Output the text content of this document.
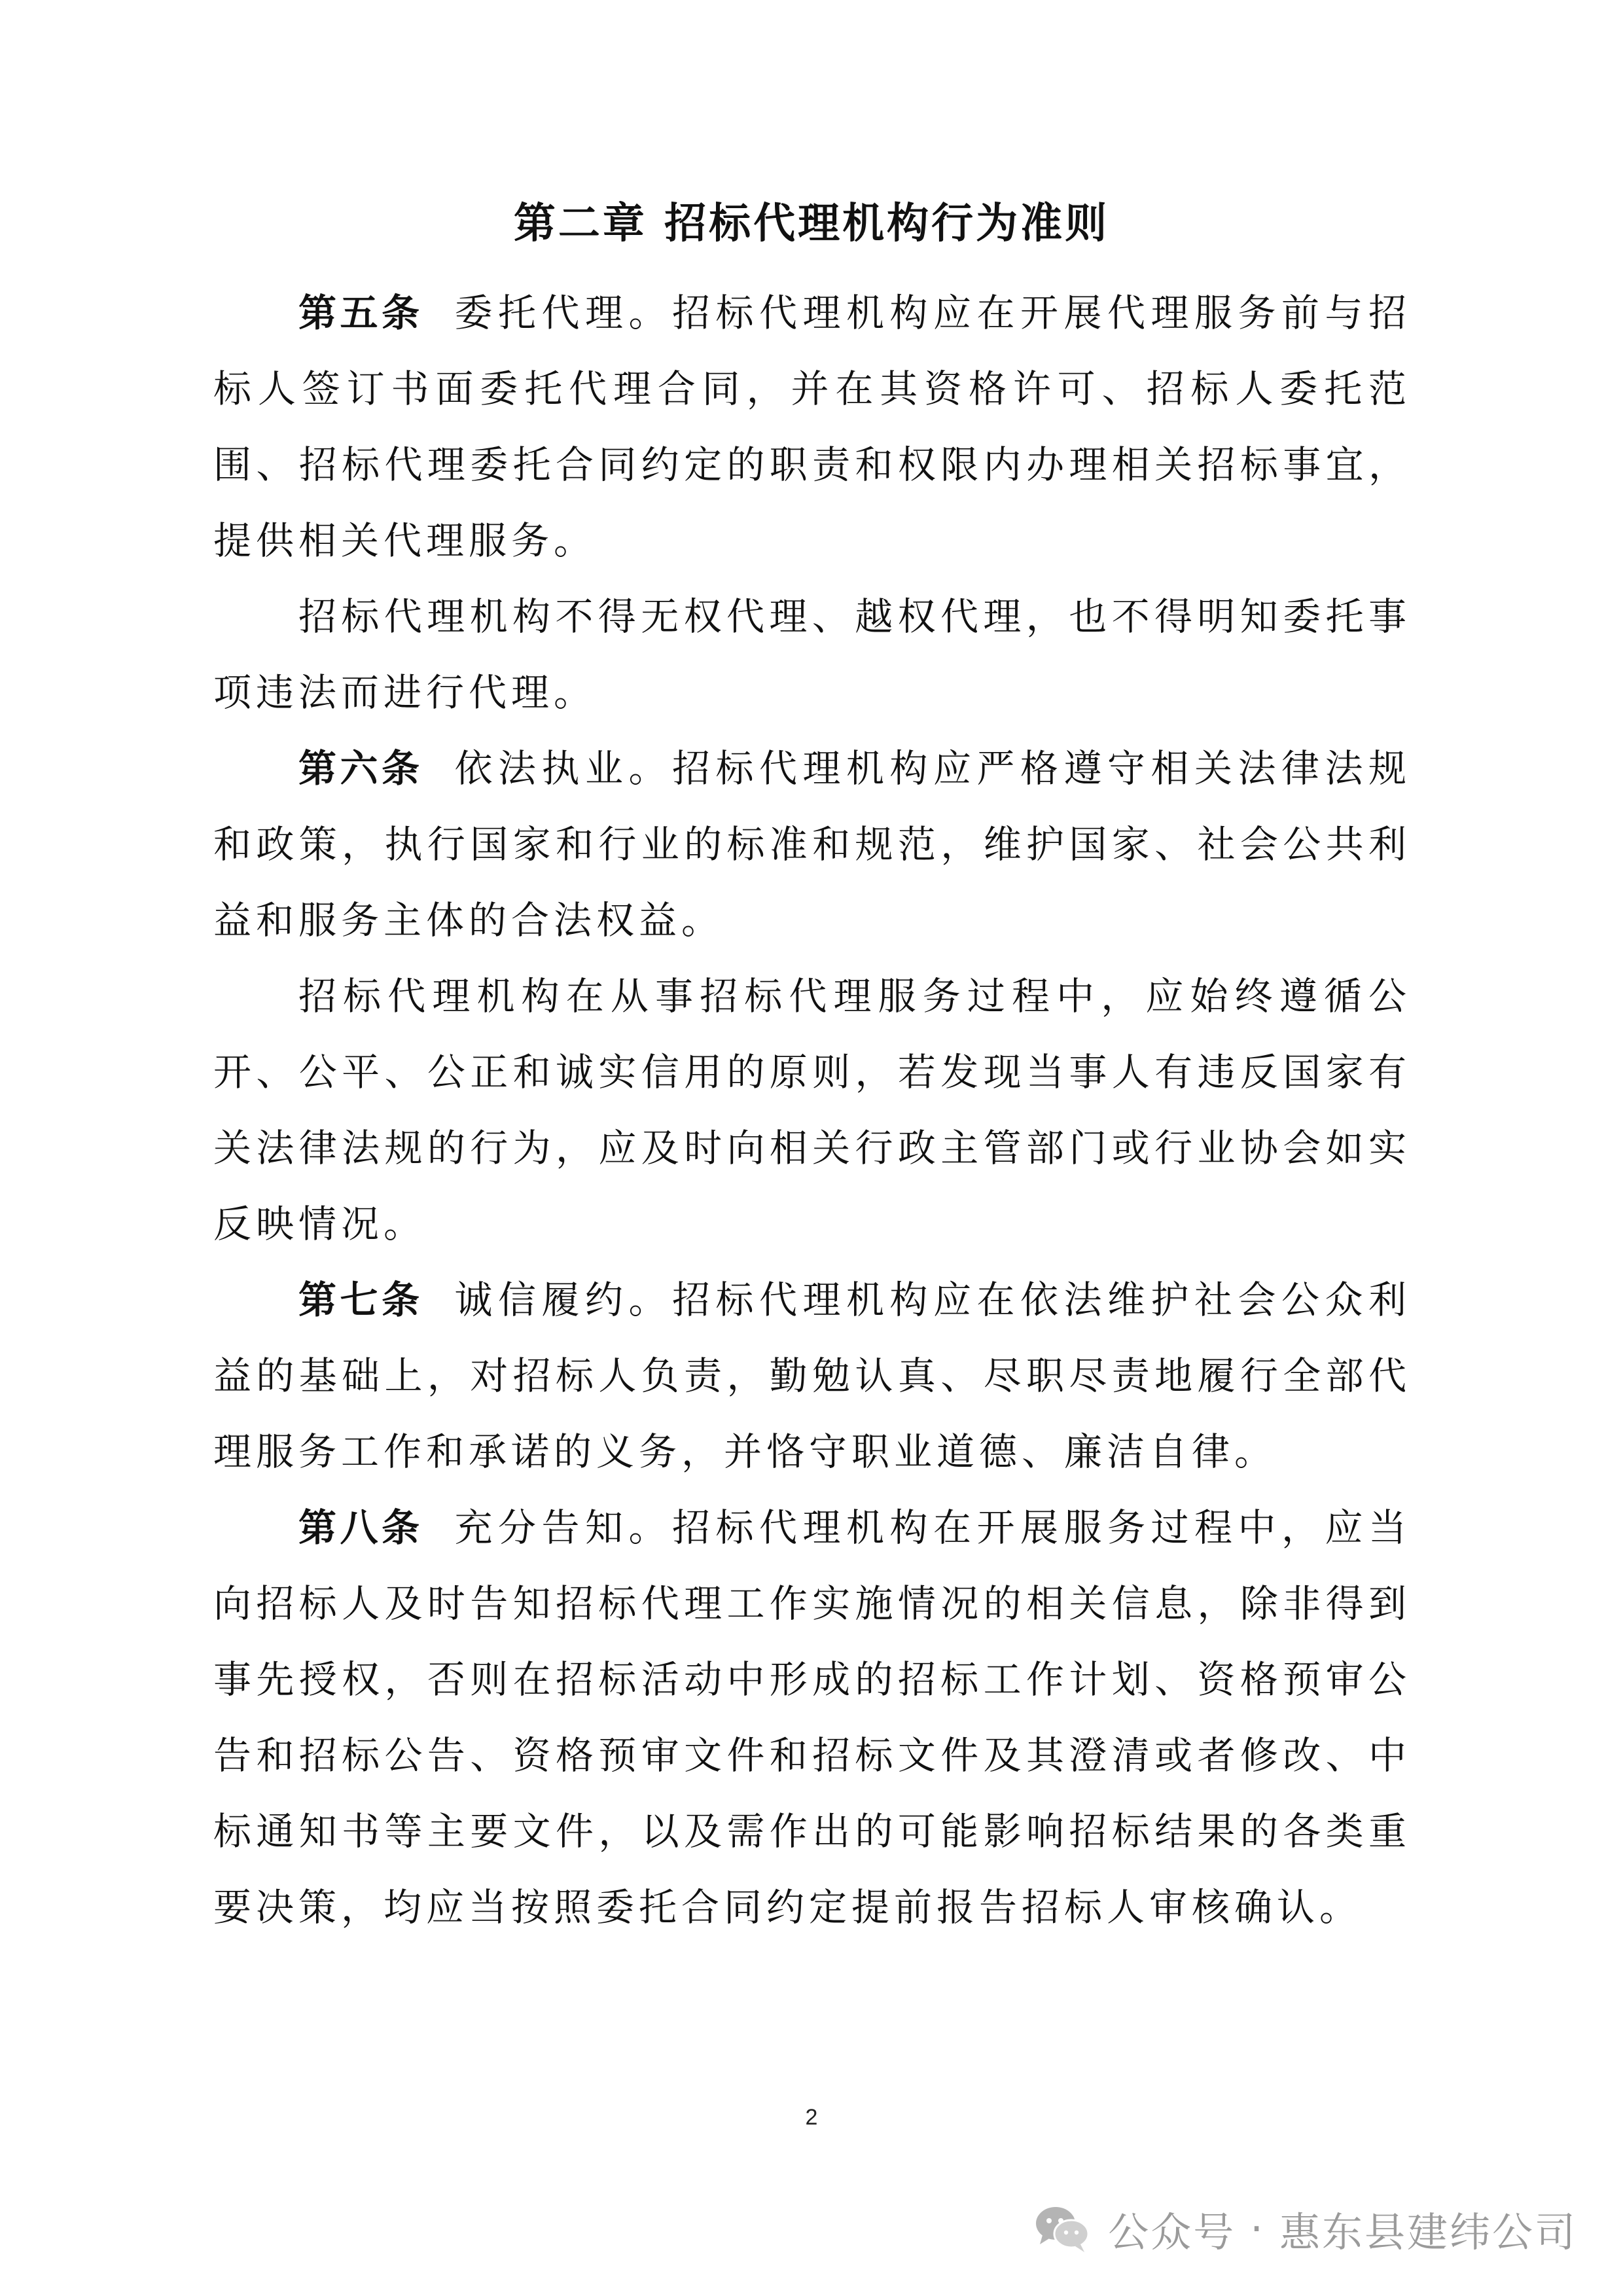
第二章 招标代理机构行为准则

第五条 委托代理。招标代理机构应在开展代理服务前与招标人签订书面委托代理合同，并在其资格许可、招标人委托范围、招标代理委托合同约定的职责和权限内办理相关招标事宜，提供相关代理服务。

招标代理机构不得无权代理、越权代理，也不得明知委托事项违法而进行代理。

第六条 依法执业。招标代理机构应严格遵守相关法律法规和政策，执行国家和行业的标准和规范，维护国家、社会公共利益和服务主体的合法权益。

招标代理机构在从事招标代理服务过程中，应始终遵循公开、公平、公正和诚实信用的原则，若发现当事人有违反国家有关法律法规的行为，应及时向相关行政主管部门或行业协会如实反映情况。

第七条 诚信履约。招标代理机构应在依法维护社会公众利益的基础上，对招标人负责，勤勉认真、尽职尽责地履行全部代理服务工作和承诺的义务，并恪守职业道德、廉洁自律。

第八条 充分告知。招标代理机构在开展服务过程中，应当向招标人及时告知招标代理工作实施情况的相关信息，除非得到事先授权，否则在招标活动中形成的招标工作计划、资格预审公告和招标公告、资格预审文件和招标文件及其澄清或者修改、中标通知书等主要文件，以及需作出的可能影响招标结果的各类重要决策，均应当按照委托合同约定提前报告招标人审核确认。

2
公众号 · 惠东县建纬公司
